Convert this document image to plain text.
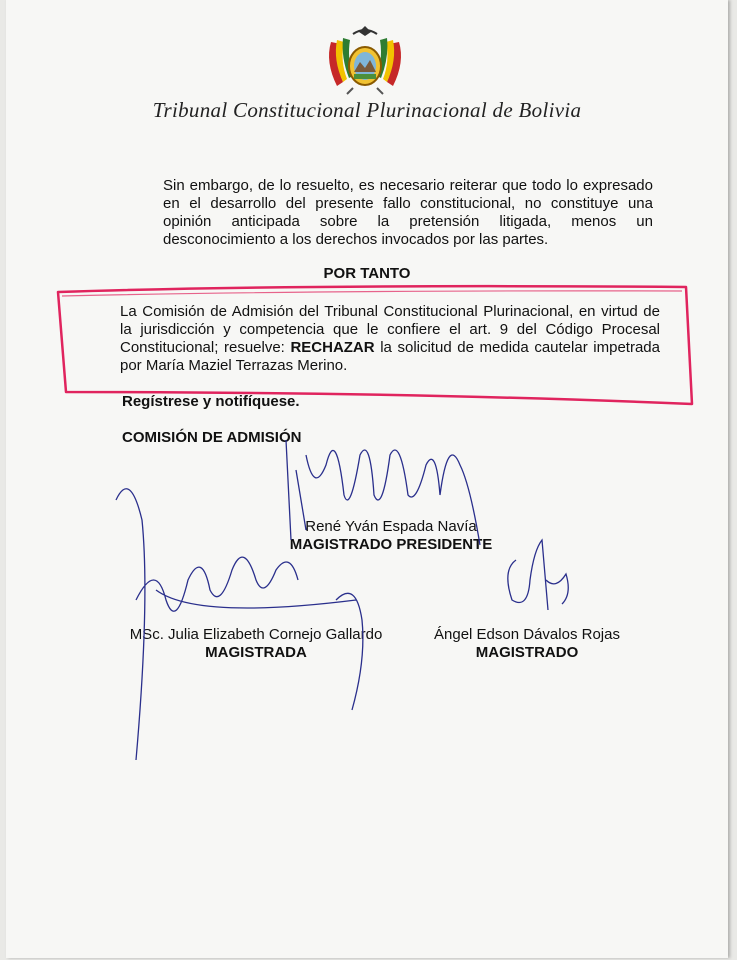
Tribunal Constitucional Plurinacional de Bolivia
Sin embargo, de lo resuelto, es necesario reiterar que todo lo expresado en el desarrollo del presente fallo constitucional, no constituye una opinión anticipada sobre la pretensión litigada, menos un desconocimiento a los derechos invocados por las partes.
POR TANTO
La Comisión de Admisión del Tribunal Constitucional Plurinacional, en virtud de la jurisdicción y competencia que le confiere el art. 9 del Código Procesal Constitucional; resuelve: RECHAZAR la solicitud de medida cautelar impetrada por María Maziel Terrazas Merino.
Regístrese y notifíquese.
COMISIÓN DE ADMISIÓN
René Yván Espada Navía
MAGISTRADO PRESIDENTE
MSc. Julia Elizabeth Cornejo Gallardo
MAGISTRADA
Ángel Edson Dávalos Rojas
MAGISTRADO
